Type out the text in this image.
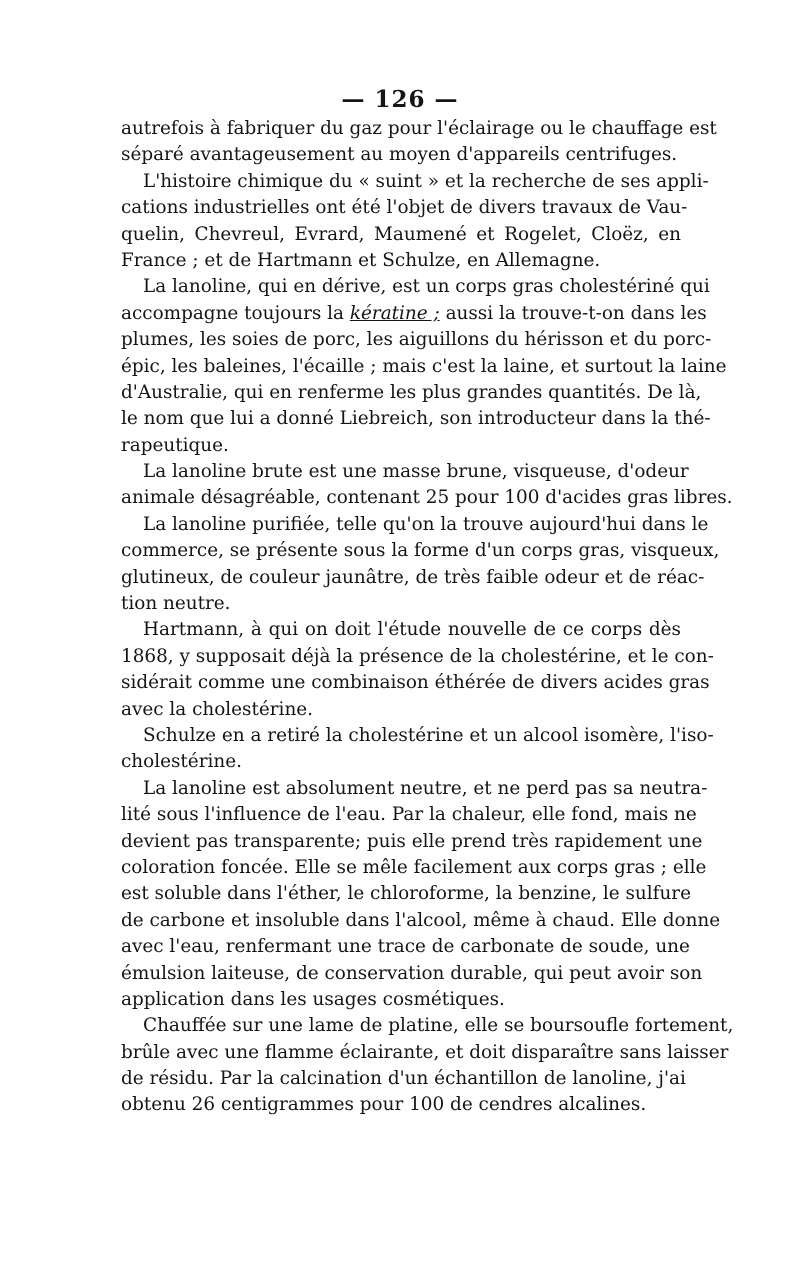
— 126 —
autrefois à fabriquer du gaz pour l'éclairage ou le chauffage est
séparé avantageusement au moyen d'appareils centrifuges.
L'histoire chimique du « suint » et la recherche de ses appli-
cations industrielles ont été l'objet de divers travaux de Vau-
quelin, Chevreul, Evrard, Maumené et Rogelet, Cloëz, en
France ; et de Hartmann et Schulze, en Allemagne.
La lanoline, qui en dérive, est un corps gras cholestériné qui
accompagne toujours la kératine ; aussi la trouve-t-on dans les
plumes, les soies de porc, les aiguillons du hérisson et du porc-
épic, les baleines, l'écaille ; mais c'est la laine, et surtout la laine
d'Australie, qui en renferme les plus grandes quantités. De là,
le nom que lui a donné Liebreich, son introducteur dans la thé-
rapeutique.
La lanoline brute est une masse brune, visqueuse, d'odeur
animale désagréable, contenant 25 pour 100 d'acides gras libres.
La lanoline purifiée, telle qu'on la trouve aujourd'hui dans le
commerce, se présente sous la forme d'un corps gras, visqueux,
glutineux, de couleur jaunâtre, de très faible odeur et de réac-
tion neutre.
Hartmann, à qui on doit l'étude nouvelle de ce corps dès
1868, y supposait déjà la présence de la cholestérine, et le con-
sidérait comme une combinaison éthérée de divers acides gras
avec la cholestérine.
Schulze en a retiré la cholestérine et un alcool isomère, l'iso-
cholestérine.
La lanoline est absolument neutre, et ne perd pas sa neutra-
lité sous l'influence de l'eau. Par la chaleur, elle fond, mais ne
devient pas transparente; puis elle prend très rapidement une
coloration foncée. Elle se mêle facilement aux corps gras ; elle
est soluble dans l'éther, le chloroforme, la benzine, le sulfure
de carbone et insoluble dans l'alcool, même à chaud. Elle donne
avec l'eau, renfermant une trace de carbonate de soude, une
émulsion laiteuse, de conservation durable, qui peut avoir son
application dans les usages cosmétiques.
Chauffée sur une lame de platine, elle se boursoufle fortement,
brûle avec une flamme éclairante, et doit disparaître sans laisser
de résidu. Par la calcination d'un échantillon de lanoline, j'ai
obtenu 26 centigrammes pour 100 de cendres alcalines.
